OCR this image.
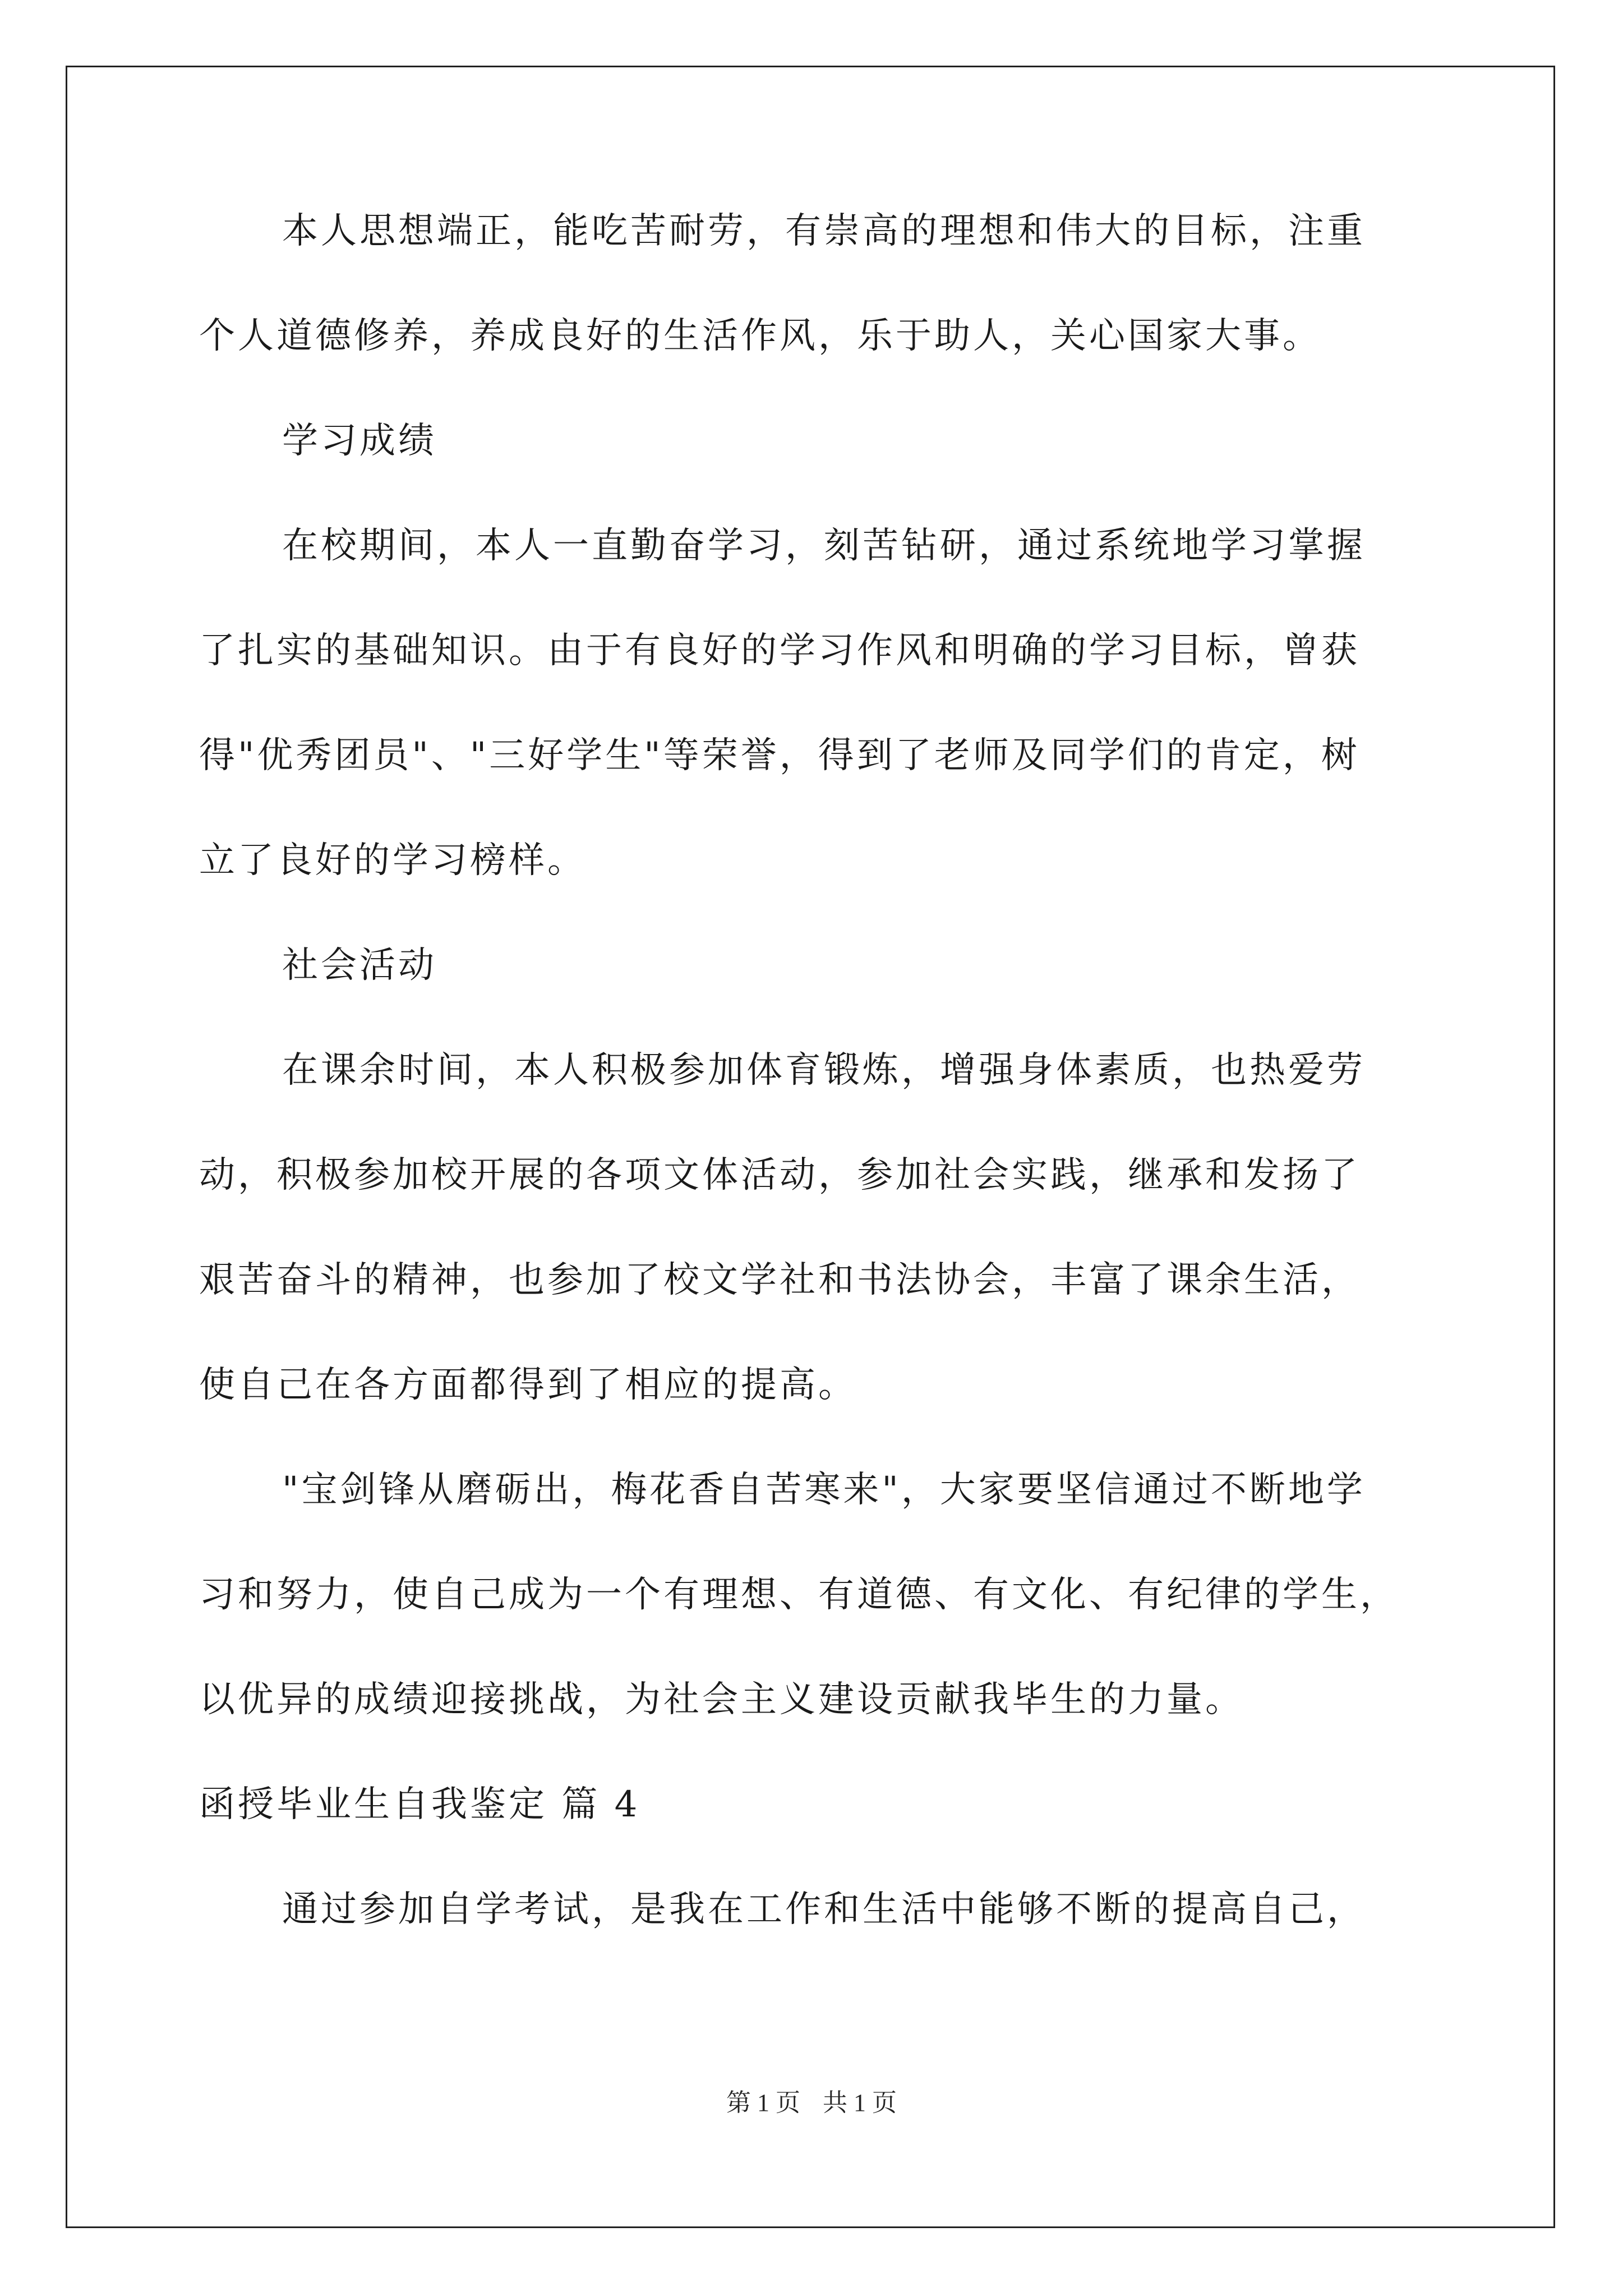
本人思想端正，能吃苦耐劳，有崇高的理想和伟大的目标，注重

个人道德修养，养成良好的生活作风，乐于助人，关心国家大事。

学习成绩

在校期间，本人一直勤奋学习，刻苦钻研，通过系统地学习掌握

了扎实的基础知识。由于有良好的学习作风和明确的学习目标，曾获

得"优秀团员"、"三好学生"等荣誉，得到了老师及同学们的肯定，树

立了良好的学习榜样。

社会活动

在课余时间，本人积极参加体育锻炼，增强身体素质，也热爱劳

动，积极参加校开展的各项文体活动，参加社会实践，继承和发扬了

艰苦奋斗的精神，也参加了校文学社和书法协会，丰富了课余生活，

使自己在各方面都得到了相应的提高。

"宝剑锋从磨砺出，梅花香自苦寒来"，大家要坚信通过不断地学

习和努力，使自己成为一个有理想、有道德、有文化、有纪律的学生，

以优异的成绩迎接挑战，为社会主义建设贡献我毕生的力量。

函授毕业生自我鉴定 篇 4

通过参加自学考试，是我在工作和生活中能够不断的提高自己，

第 1 页 共 1 页
